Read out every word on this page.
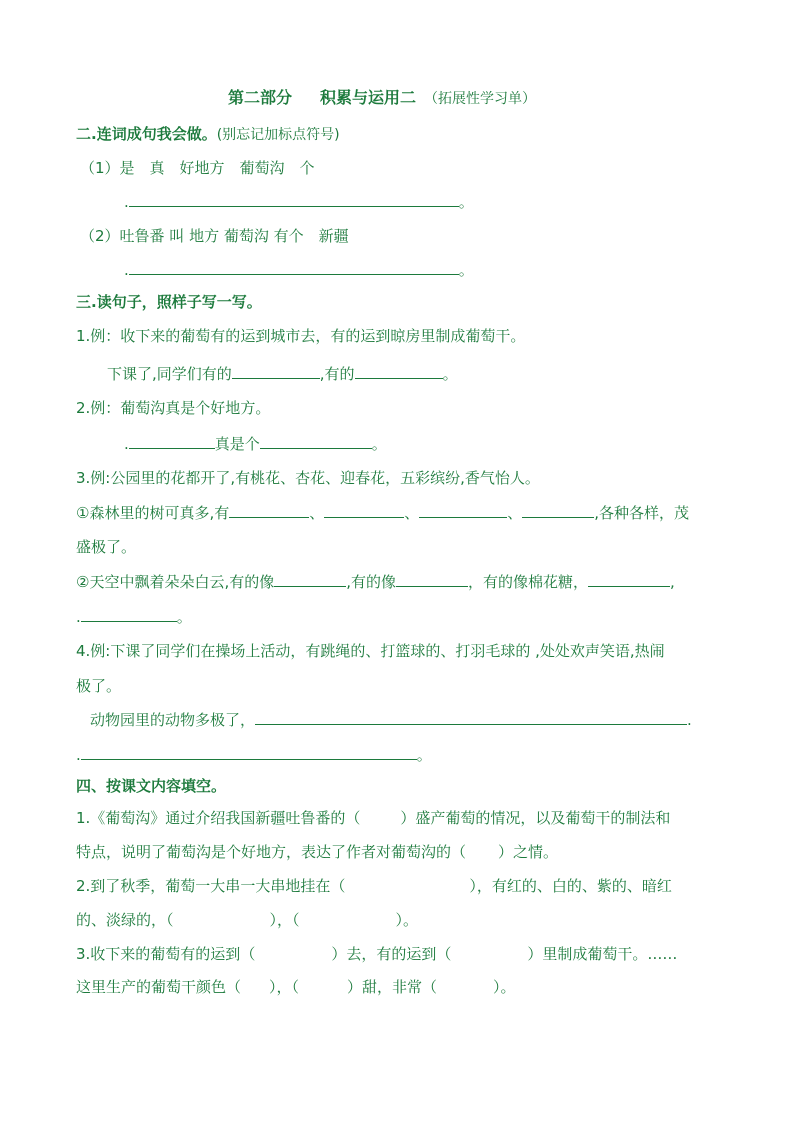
第二部分 积累与运用二 （拓展性学习单）
二.连词成句我会做。(别忘记加标点符号)
（1）是　真　好地方　葡萄沟　个
.	。
（2）吐鲁番 叫 地方 葡萄沟 有个　新疆
.	。
三.读句子，照样子写一写。
1.例：收下来的葡萄有的运到城市去，有的运到晾房里制成葡萄干。
下课了,同学们有的	,有的	。
2.例：葡萄沟真是个好地方。
.	真是个	。
3.例:公园里的花都开了,有桃花、杏花、迎春花，五彩缤纷,香气怡人。
①森林里的树可真多,有	、	、	、	,各种各样，茂
盛极了。
②天空中飘着朵朵白云,有的像	,有的像	，有的像棉花糖，	,
.	。
4.例:下课了同学们在操场上活动，有跳绳的、打篮球的、打羽毛球的 ,处处欢声笑语,热闹
极了。
动物园里的动物多极了，	.
.	。
四、按课文内容填空。
1.《葡萄沟》通过介绍我国新疆吐鲁番的（	）盛产葡萄的情况，以及葡萄干的制法和
特点，说明了葡萄沟是个好地方，表达了作者对葡萄沟的（ ）之情。
2.到了秋季，葡萄一大串一大串地挂在（	），有红的、白的、紫的、暗红
的、淡绿的，（	），（	）。
3.收下来的葡萄有的运到（	）去，有的运到（	）里制成葡萄干。……
这里生产的葡萄干颜色（ ），（	）甜，非常（	）。
